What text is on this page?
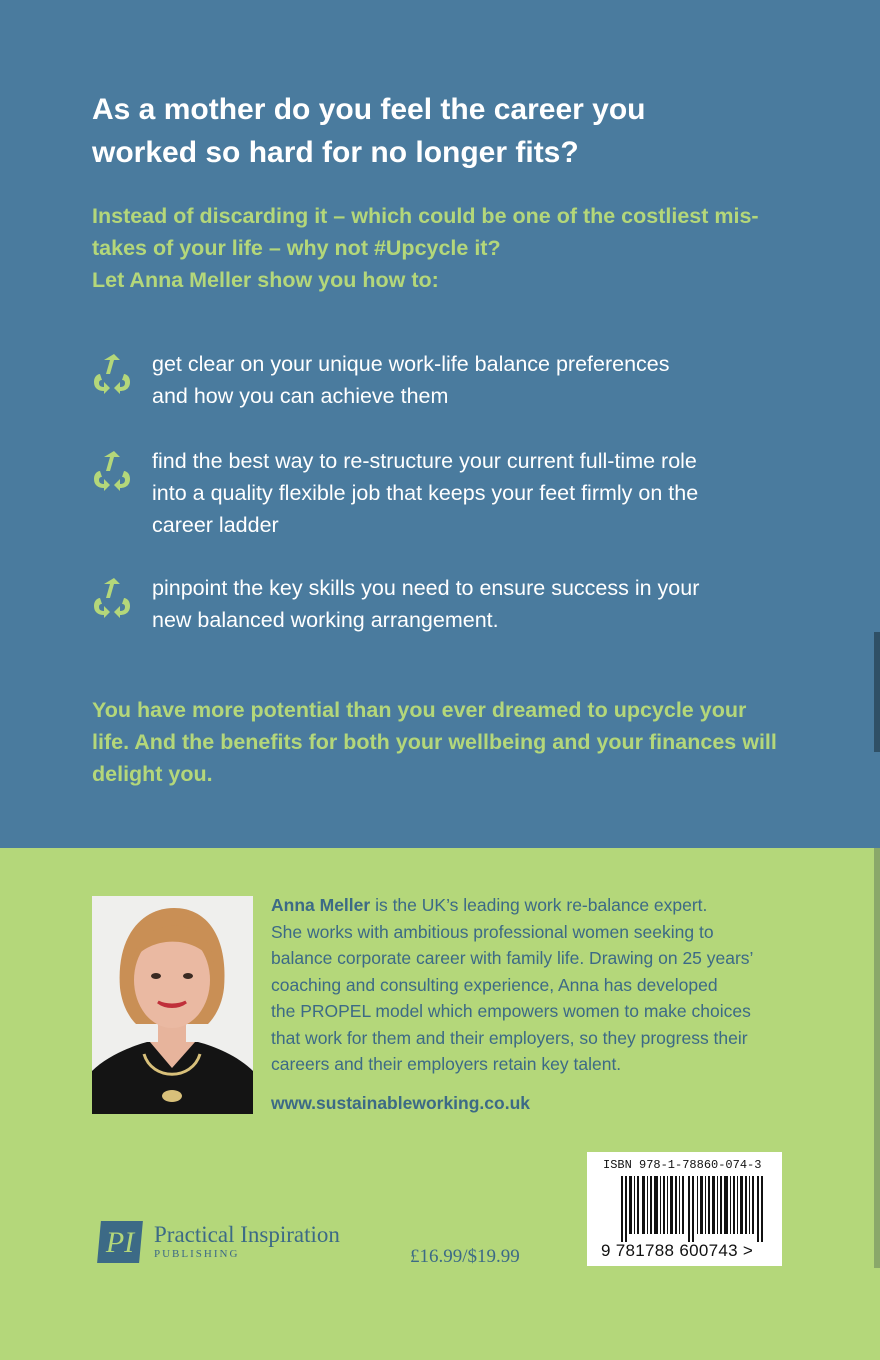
As a mother do you feel the career you
worked so hard for no longer fits?
Instead of discarding it – which could be one of the costliest mis-
takes of your life – why not #Upcycle it?
Let Anna Meller show you how to:
get clear on your unique work-life balance preferences
and how you can achieve them
find the best way to re-structure your current full-time role
into a quality flexible job that keeps your feet firmly on the
career ladder
pinpoint the key skills you need to ensure success in your
new balanced working arrangement.
You have more potential than you ever dreamed to upcycle your
life. And the benefits for both your wellbeing and your finances will
delight you.
Anna Meller is the UK’s leading work re-balance expert.
She works with ambitious professional women seeking to
balance corporate career with family life. Drawing on 25 years’
coaching and consulting experience, Anna has developed
the PROPEL model which empowers women to make choices
that work for them and their employers, so they progress their
careers and their employers retain key talent.
www.sustainableworking.co.uk
PI Practical Inspiration
PUBLISHING	£16.99/$19.99
ISBN 978-1-78860-074-3
9 781788 600743 >
